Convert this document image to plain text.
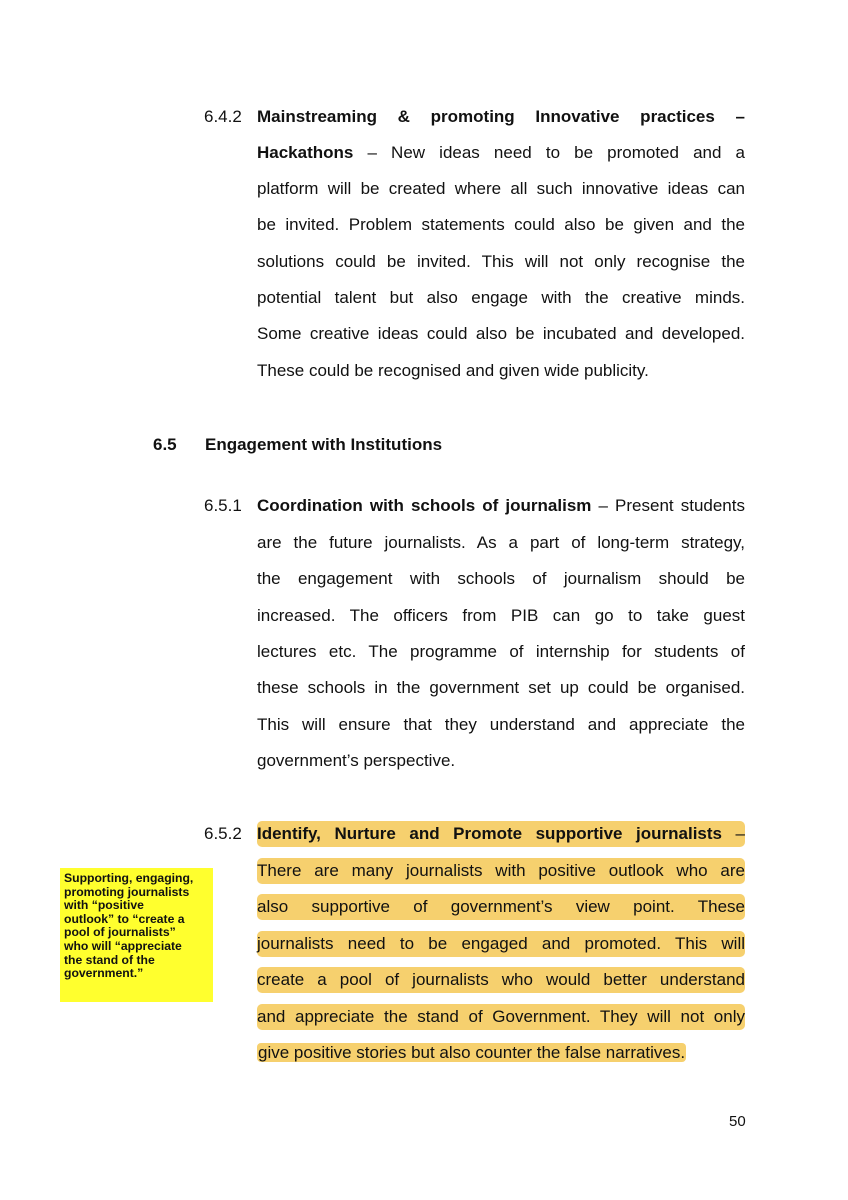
6.4.2 Mainstreaming & promoting Innovative practices –
Hackathons – New ideas need to be promoted and a
platform will be created where all such innovative ideas can
be invited. Problem statements could also be given and the
solutions could be invited. This will not only recognise the
potential talent but also engage with the creative minds.
Some creative ideas could also be incubated and developed.
These could be recognised and given wide publicity.
6.5 Engagement with Institutions
6.5.1 Coordination with schools of journalism – Present students
are the future journalists. As a part of long-term strategy,
the engagement with schools of journalism should be
increased. The officers from PIB can go to take guest
lectures etc. The programme of internship for students of
these schools in the government set up could be organised.
This will ensure that they understand and appreciate the
government’s perspective.
6.5.2 Identify, Nurture and Promote supportive journalists –
There are many journalists with positive outlook who are
also supportive of government’s view point. These
journalists need to be engaged and promoted. This will
create a pool of journalists who would better understand
and appreciate the stand of Government. They will not only
give positive stories but also counter the false narratives.
Supporting, engaging,
promoting journalists
with “positive
outlook” to “create a
pool of journalists”
who will “appreciate
the stand of the
government.”
50
